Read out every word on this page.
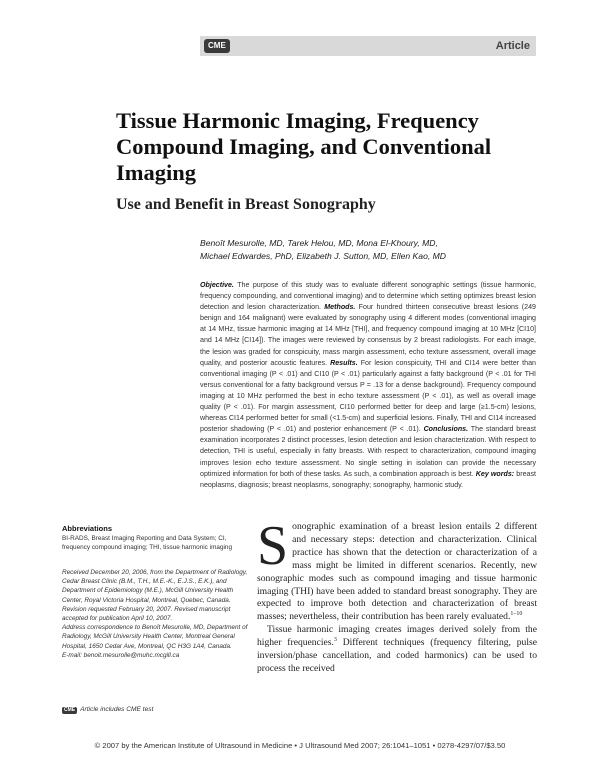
CME	Article
Tissue Harmonic Imaging, Frequency Compound Imaging, and Conventional Imaging
Use and Benefit in Breast Sonography
Benoît Mesurolle, MD, Tarek Helou, MD, Mona El-Khoury, MD,
Michael Edwardes, PhD, Elizabeth J. Sutton, MD, Ellen Kao, MD
Objective. The purpose of this study was to evaluate different sonographic settings (tissue harmonic, frequency compounding, and conventional imaging) and to determine which setting optimizes breast lesion detection and lesion characterization. Methods. Four hundred thirteen consecutive breast lesions (249 benign and 164 malignant) were evaluated by sonography using 4 different modes (conventional imaging at 14 MHz, tissue harmonic imaging at 14 MHz [THI], and frequency compound imaging at 10 MHz [CI10] and 14 MHz [CI14]). The images were reviewed by consensus by 2 breast radiologists. For each image, the lesion was graded for conspicuity, mass margin assessment, echo texture assessment, overall image quality, and posterior acoustic features. Results. For lesion conspicuity, THI and CI14 were better than conventional imaging (P < .01) and CI10 (P < .01) particularly against a fatty background (P < .01 for THI versus conventional for a fatty background versus P = .13 for a dense background). Frequency compound imaging at 10 MHz performed the best in echo texture assessment (P < .01), as well as overall image quality (P < .01). For margin assessment, CI10 performed better for deep and large (≥1.5-cm) lesions, whereas CI14 performed better for small (<1.5-cm) and superficial lesions. Finally, THI and CI14 increased posterior shadowing (P < .01) and posterior enhancement (P < .01). Conclusions. The standard breast examination incorporates 2 distinct processes, lesion detection and lesion characterization. With respect to detection, THI is useful, especially in fatty breasts. With respect to characterization, compound imaging improves lesion echo texture assessment. No single setting in isolation can provide the necessary optimized information for both of these tasks. As such, a combination approach is best. Key words: breast neoplasms, diagnosis; breast neoplasms, sonography; sonography, harmonic study.
Abbreviations
BI-RADS, Breast Imaging Reporting and Data System; CI, frequency compound imaging; THI, tissue harmonic imaging

Received December 20, 2006, from the Department of Radiology, Cedar Breast Clinic (B.M., T.H., M.E.-K., E.J.S., E.K.), and Department of Epidemiology (M.E.), McGill University Health Center, Royal Victoria Hospital, Montreal, Quebec, Canada. Revision requested February 20, 2007. Revised manuscript accepted for publication April 10, 2007.

Address correspondence to Benoît Mesurolle, MD, Department of Radiology, McGill University Health Center, Montreal General Hospital, 1650 Cedar Ave, Montreal, QC H3G 1A4, Canada.

E-mail: benoit.mesurolle@muhc.mcgill.ca

CME Article includes CME test

Sonographic examination of a breast lesion entails 2 different and necessary steps: detection and characterization. Clinical practice has shown that the detection or characterization of a mass might be limited in different scenarios. Recently, new sonographic modes such as compound imaging and tissue harmonic imaging (THI) have been added to standard breast sonography. They are expected to improve both detection and characterization of breast masses; nevertheless, their contribution has been rarely evaluated.$^{1-10}$

Tissue harmonic imaging creates images derived solely from the higher frequencies.$^3$ Different techniques (frequency filtering, pulse inversion/phase cancellation, and coded harmonics) can be used to process the received

© 2007 by the American Institute of Ultrasound in Medicine • J Ultrasound Med 2007; 26:1041–1051 • 0278-4297/07/$3.50
